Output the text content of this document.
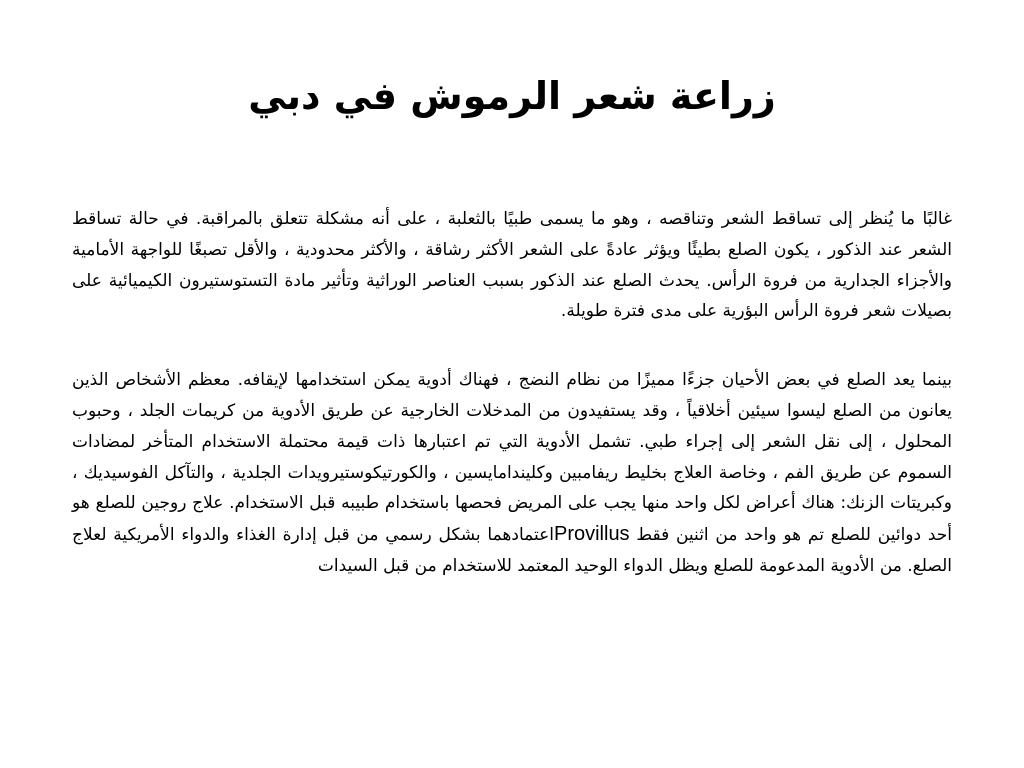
زراعة شعر الرموش في دبي

غالبًا ما يُنظر إلى تساقط الشعر وتناقصه ، وهو ما يسمى طبيًا بالثعلبة ، على أنه مشكلة تتعلق بالمراقبة. في حالة تساقط الشعر عند الذكور ، يكون الصلع بطيئًا ويؤثر عادةً على الشعر الأكثر رشاقة ، والأكثر محدودية ، والأقل تصبغًا للواجهة الأمامية والأجزاء الجدارية من فروة الرأس. يحدث الصلع عند الذكور بسبب العناصر الوراثية وتأثير مادة التستوستيرون الكيميائية على بصيلات شعر فروة الرأس البؤرية على مدى فترة طويلة.

بينما يعد الصلع في بعض الأحيان جزءًا مميزًا من نظام النضج ، فهناك أدوية يمكن استخدامها لإيقافه. معظم الأشخاص الذين يعانون من الصلع ليسوا سيئين أخلاقياً ، وقد يستفيدون من المدخلات الخارجية عن طريق الأدوية من كريمات الجلد ، وحبوب المحلول ، إلى نقل الشعر إلى إجراء طبي. تشمل الأدوية التي تم اعتبارها ذات قيمة محتملة الاستخدام المتأخر لمضادات السموم عن طريق الفم ، وخاصة العلاج بخليط ريفامبين وكليندامايسين ، والكورتيكوستيرويدات الجلدية ، والتآكل الفوسيديك ، وكبريتات الزنك: هناك أعراض لكل واحد منها يجب على المريض فحصها باستخدام طبيبه قبل الاستخدام. علاج روجين للصلع هو أحد دوائين للصلع تم هو واحد من اثنين فقط Provillusاعتمادهما بشكل رسمي من قبل إدارة الغذاء والدواء الأمريكية لعلاج الصلع. من الأدوية المدعومة للصلع ويظل الدواء الوحيد المعتمد للاستخدام من قبل السيدات
